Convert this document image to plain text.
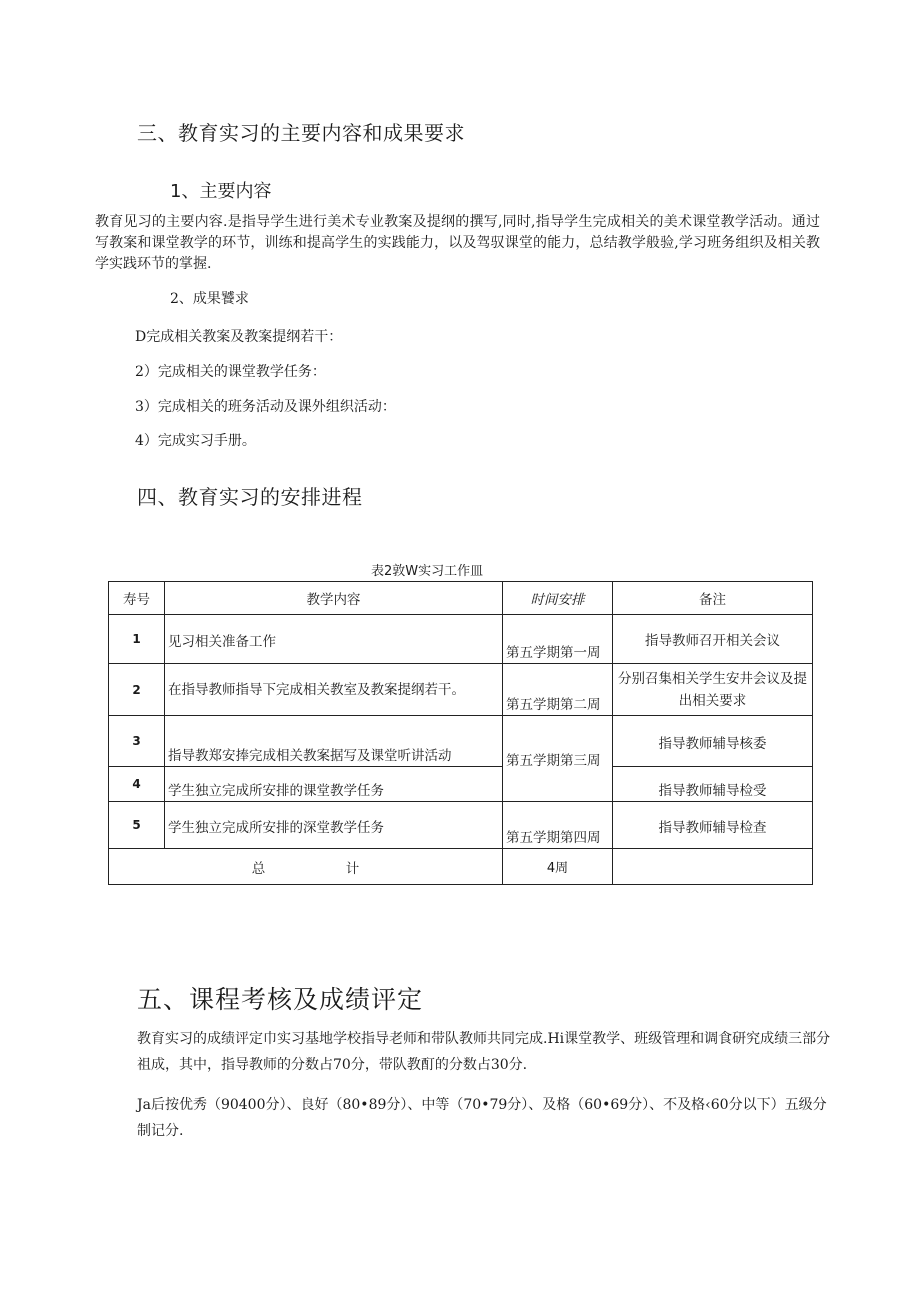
三、教育实习的主要内容和成果要求
1、主要内容
教育见习的主要内容.是指导学生进行美术专业教案及提纲的撰写,同时,指导学生完成相关的美术课堂教学活动。通过写教案和课堂教学的环节，训练和提高学生的实践能力，以及驾驭课堂的能力，总结教学般验,学习班务组织及相关教学实践环节的掌握.
2、成果饕求
D完成相关教案及教案提纲若干：
2）完成相关的课堂教学任务：
3）完成相关的班务活动及课外组织活动：
4）完成实习手册。
四、教育实习的安排进程
表2敦W实习工作皿
寿号	教学内容	时间安排	备注
1	见习相关准备工作	第五学期第一周	指导教师召开相关会议
2	在指导教师指导下完成相关教室及教案提纲若干。	第五学期第二周	分别召集相关学生安井会议及提出相关要求
3	指导教郑安捧完成相关教案据写及课堂听讲活动	第五学期第三周	指导教师辅导核委
4	学生独立完成所安排的课堂教学任务		指导教师辅导检受
5	学生独立完成所安排的深堂教学任务	第五学期第四周	指导教师辅导检查
总 计		4周	
五、课程考核及成绩评定
教育实习的成绩评定巾实习基地学校指导老师和带队教师共同完成.Hi课堂教学、班级管理和调食研究成绩三部分祖成，其中，指导教师的分数占70分，带队教酊的分数占30分.
Ja后按优秀（90400分）、良好（80•89分）、中等（70•79分）、及格（60•69分）、不及格‹60分以下）五级分制记分.
